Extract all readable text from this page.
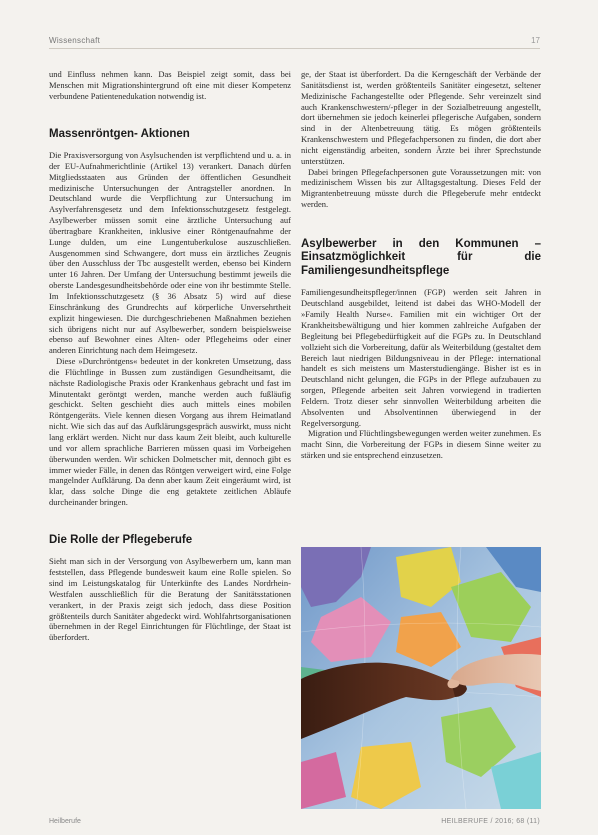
Wissenschaft	17

und Einfluss nehmen kann. Das Beispiel zeigt somit, dass bei Menschen mit Migrationshintergrund oft eine mit dieser Kompetenz verbundene Patientenedukation notwendig ist.

Massenröntgen- Aktionen

Die Praxisversorgung von Asylsuchenden ist verpflichtend und u. a. in der EU-Aufnahmerichtlinie (Artikel 13) verankert. Danach dürfen Mitgliedsstaaten aus Gründen der öffentlichen Gesundheit medizinische Untersuchungen der Antragsteller anordnen. In Deutschland wurde die Verpflichtung zur Untersuchung im Asylverfahrensgesetz und dem Infektionsschutzgesetz festgelegt. Asylbewerber müssen somit eine ärztliche Untersuchung auf übertragbare Krankheiten, inklusive einer Röntgenaufnahme der Lunge dulden, um eine Lungentuberkulose auszuschließen. Ausgenommen sind Schwangere, dort muss ein ärztliches Zeugnis über den Ausschluss der Tbc ausgestellt werden, ebenso bei Kindern unter 16 Jahren. Der Umfang der Untersuchung bestimmt jeweils die oberste Landesgesundheitsbehörde oder eine von ihr bestimmte Stelle. Im Infektionsschutzgesetz (§ 36 Absatz 5) wird auf diese Einschränkung des Grundrechts auf körperliche Unversehrtheit explizit hingewiesen. Die durchgeschriebenen Maßnahmen beziehen sich übrigens nicht nur auf Asylbewerber, sondern beispielsweise ebenso auf Bewohner eines Alten- oder Pflegeheims oder einer anderen Einrichtung nach dem Heimgesetz.

Diese »Durchröntgens« bedeutet in der konkreten Umsetzung, dass die Flüchtlinge in Bussen zum zuständigen Gesundheitsamt, die nächste Radiologische Praxis oder Krankenhaus gebracht und fast im Minutentakt geröntgt werden, manche werden auch fußläufig geschickt. Selten geschieht dies auch mittels eines mobilen Röntgengeräts. Viele kennen diesen Vorgang aus ihrem Heimatland nicht. Wie sich das auf das Aufklärungsgespräch auswirkt, muss nicht lang erklärt werden. Nicht nur dass kaum Zeit bleibt, auch kulturelle und vor allem sprachliche Barrieren müssen quasi im Vorbeigehen überwunden werden. Wir schicken Dolmetscher mit, dennoch gibt es immer wieder Fälle, in denen das Röntgen verweigert wird, eine Folge mangelnder Aufklärung. Da denn aber kaum Zeit eingeräumt wird, ist klar, dass solche Dinge die eng getaktete zeitlichen Abläufe durcheinander bringen.

Die Rolle der Pflegeberufe

Sieht man sich in der Versorgung von Asylbewerbern um, kann man feststellen, dass Pflegende bundesweit kaum eine Rolle spielen. So sind im Leistungskatalog für Unterkünfte des Landes Nordrhein-Westfalen ausschließlich für die Beratung der Sanitätsstationen verankert, in der Praxis zeigt sich jedoch, dass diese Position größtenteils durch Sanitäter abgedeckt wird. Wohlfahrtsorganisationen übernehmen in der Regel Einrichtungen für Flüchtlinge, der Staat ist überfordert.

ge, der Staat ist überfordert. Da die Kerngeschäft der Verbände der Sanitätsdienst ist, werden größtenteils Sanitäter eingesetzt, seltener Medizinische Fachangestellte oder Pflegende. Sehr vereinzelt sind auch Krankenschwestern/-pfleger in der Sozialbetreuung angestellt, dort übernehmen sie jedoch keinerlei pflegerische Aufgaben, sondern sind in der Altenbetreuung tätig. Es mögen größtenteils Krankenschwestern und Pflegefachpersonen zu finden, die dort aber nicht eigenständig arbeiten, sondern Ärzte bei ihrer Sprechstunde unterstützen.

Dabei bringen Pflegefachpersonen gute Voraussetzungen mit: von medizinischem Wissen bis zur Alltagsgestaltung. Dieses Feld der Migrantenbetreuung müsste durch die Pflegeberufe mehr entdeckt werden.

Asylbewerber in den Kommunen – Einsatzmöglichkeit für die Familiengesundheitspflege

Familiengesundheitspfleger/innen (FGP) werden seit Jahren in Deutschland ausgebildet, leitend ist dabei das WHO-Modell der »Family Health Nurse«. Familien mit ein wichtiger Ort der Krankheitsbewältigung und hier kommen zahlreiche Aufgaben der Begleitung bei Pflegebedürftigkeit auf die FGPs zu. In Deutschland vollzieht sich die Vorbereitung, dafür als Weiterbildung (gestaltet dem Bereich laut niedrigen Bildungsniveau in der Pflege: international handelt es sich meistens um Masterstudiengänge. Bisher ist es in Deutschland nicht gelungen, die FGPs in der Pflege aufzubauen zu sorgen, Pflegende arbeiten seit Jahren vorwiegend in tradierten Feldern. Trotz dieser sehr sinnvollen Weiterbildung arbeiten die Absolventen und Absolventinnen überwiegend in der Regelversorgung.

Migration und Flüchtlingsbewegungen werden weiter zunehmen. Es macht Sinn, die Vorbereitung der FGPs in diesem Sinne weiter zu stärken und sie entsprechend einzusetzen.

Heilberufe	HEILBERUFE / 2016; 68 (11)
